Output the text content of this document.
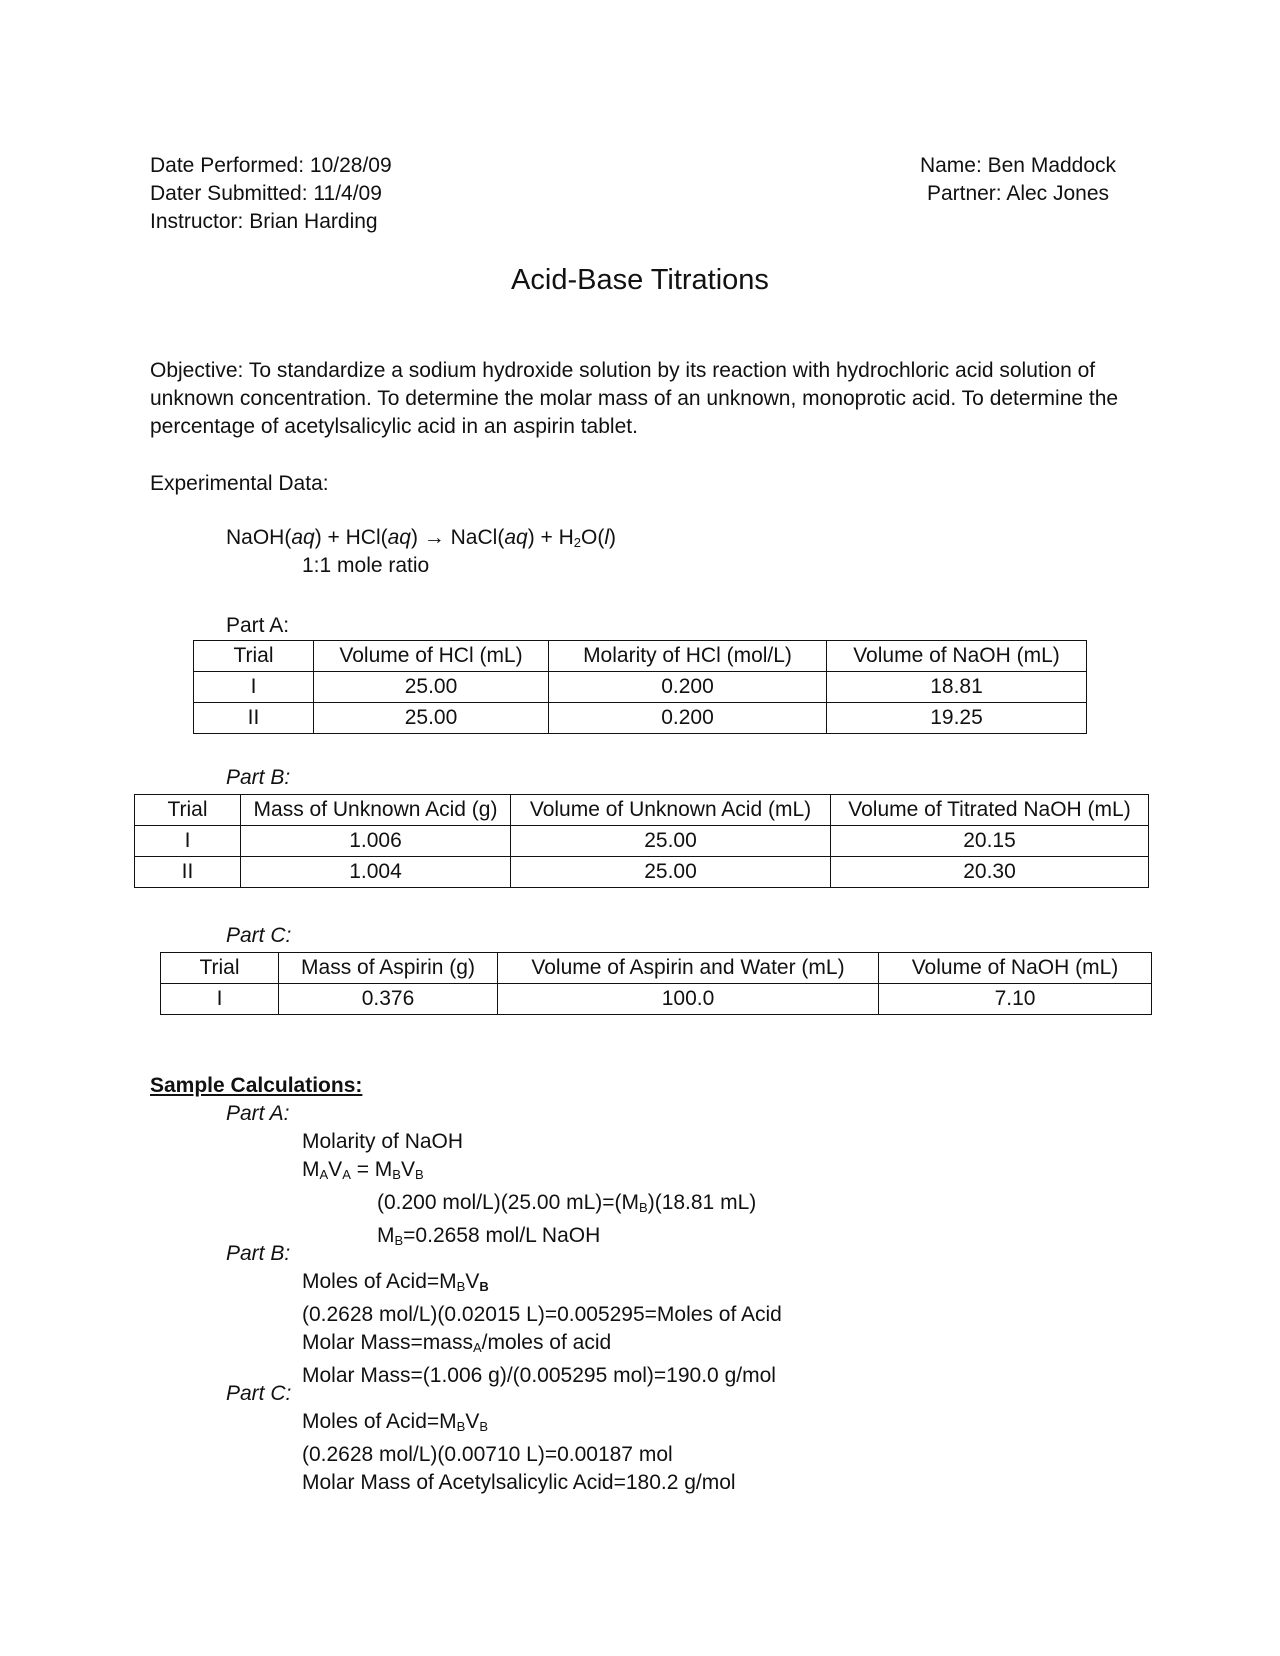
Date Performed: 10/28/09
Dater Submitted: 11/4/09
Instructor: Brian Harding
Name: Ben Maddock
Partner: Alec Jones
Acid-Base Titrations
Objective: To standardize a sodium hydroxide solution by its reaction with hydrochloric acid solution of unknown concentration. To determine the molar mass of an unknown, monoprotic acid. To determine the percentage of acetylsalicylic acid in an aspirin tablet.
Experimental Data:
NaOH(aq) + HCl(aq) → NaCl(aq) + $H_2O(l)$
1:1 mole ratio
Part A:
Trial	Volume of HCl (mL)	Molarity of HCl (mol/L)	Volume of NaOH (mL)
I	25.00	0.200	18.81
II	25.00	0.200	19.25
Part B:
Trial	Mass of Unknown Acid (g)	Volume of Unknown Acid (mL)	Volume of Titrated NaOH (mL)
I	1.006	25.00	20.15
II	1.004	25.00	20.30
Part C:
Trial	Mass of Aspirin (g)	Volume of Aspirin and Water (mL)	Volume of NaOH (mL)
I	0.376	100.0	7.10
Sample Calculations:
Part A:
Molarity of NaOH
$M_AV_A = M_BV_B$
(0.200 mol/L)(25.00 $mL)=(M_B)(18.81$ mL)
$M_B=0.2658$ mol/L NaOH
Part B:
Moles of $Acid=M_BV_B$
(0.2628 mol/L)(0.02015 L)=0.005295=Moles of Acid
Molar Mass=mass$_A$/moles of acid
Molar Mass=(1.006 g)/(0.005295 mol)=190.0 g/mol
Part C:
Moles of $Acid=M_BV_B$
(0.2628 mol/L)(0.00710 L)=0.00187 mol
Molar Mass of Acetylsalicylic Acid=180.2 g/mol
